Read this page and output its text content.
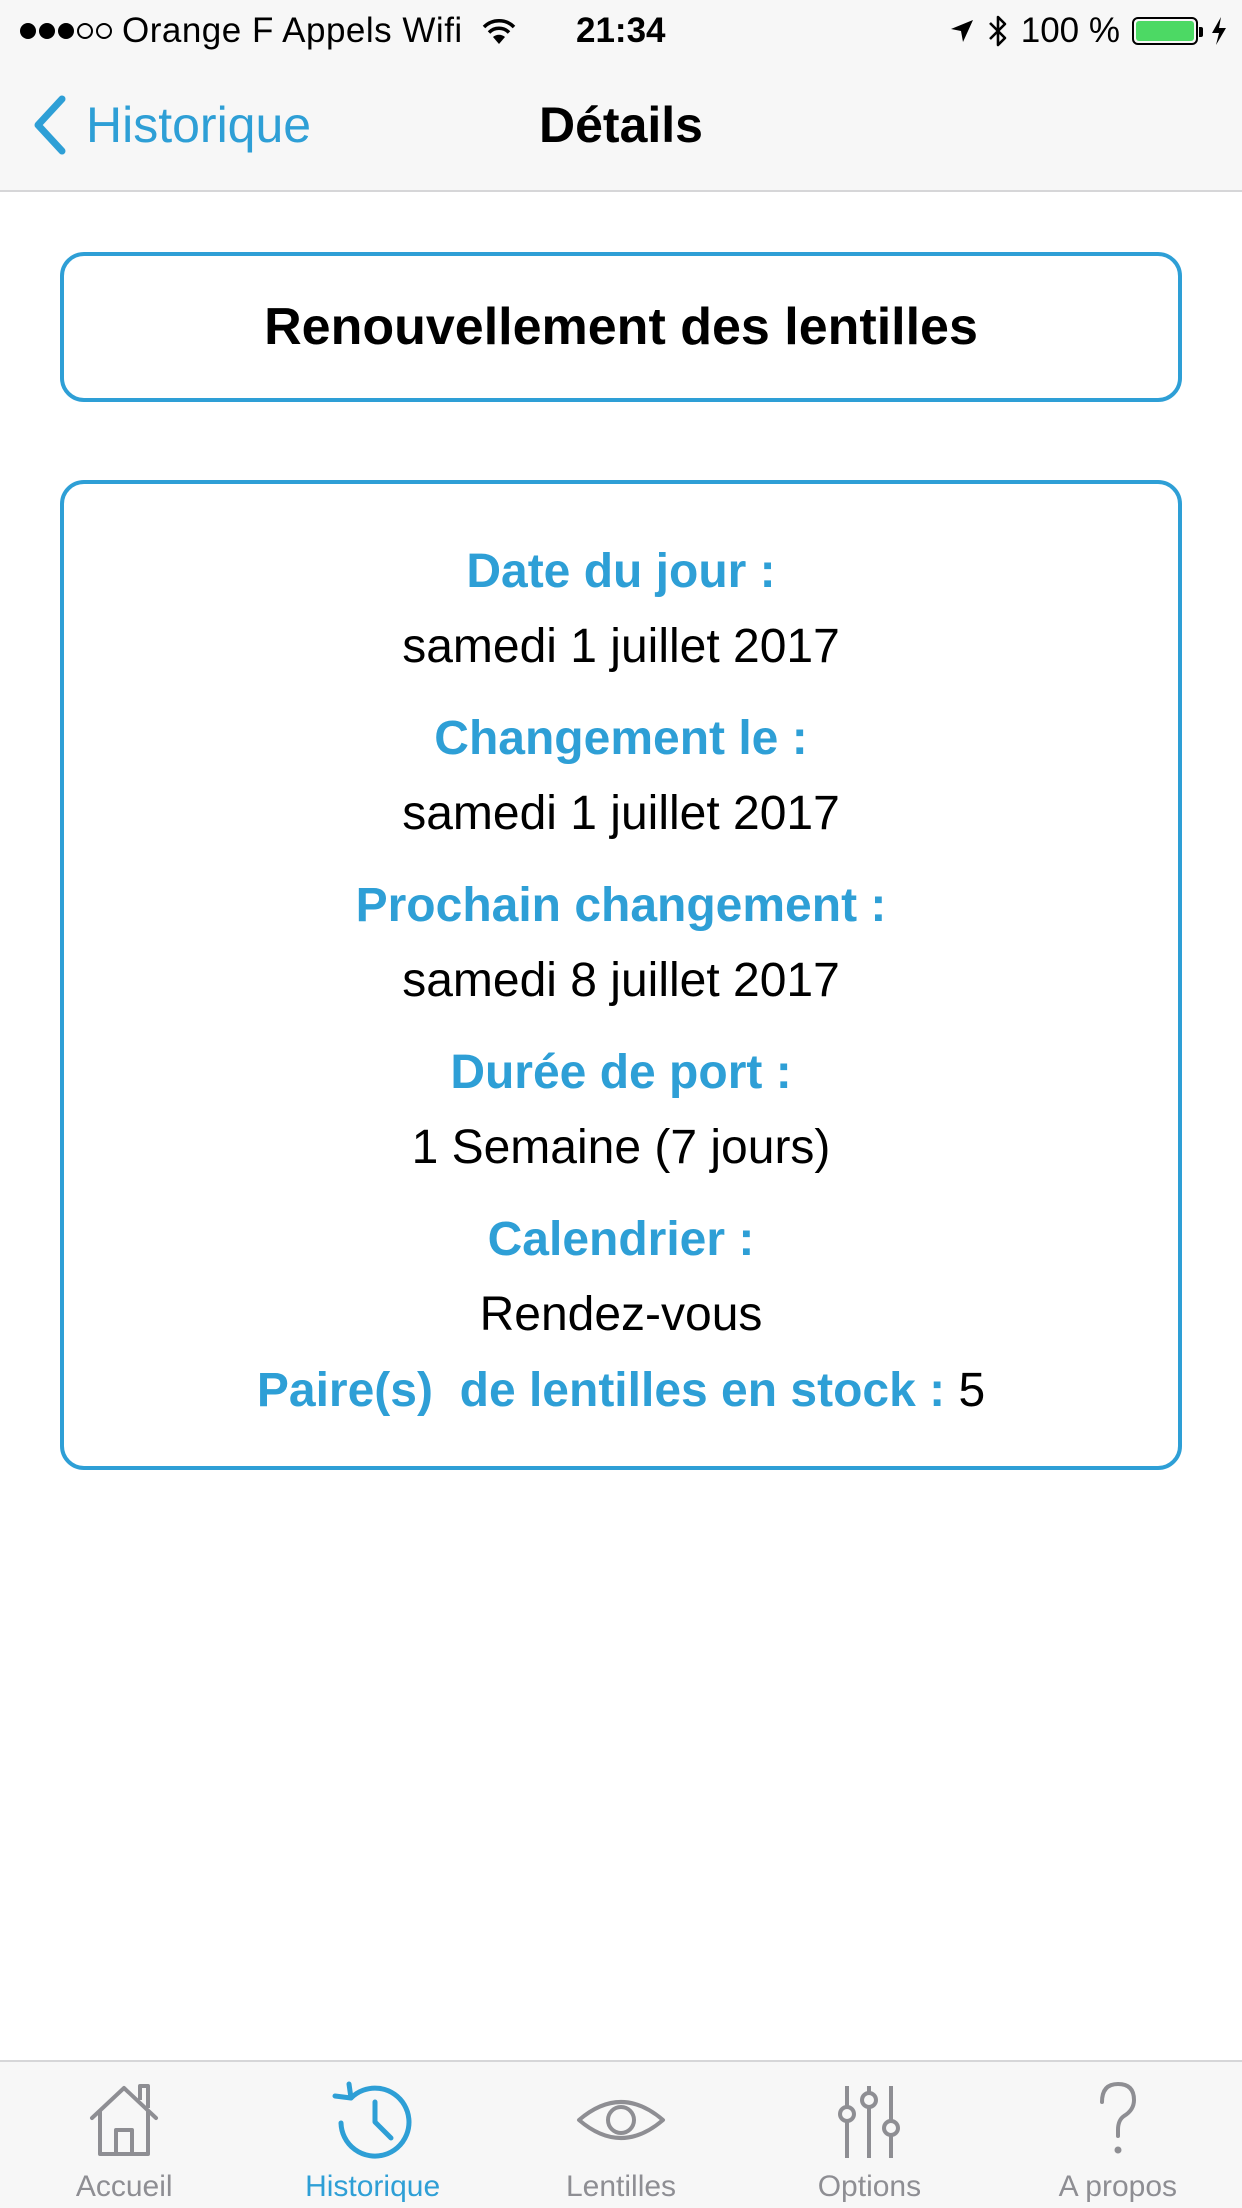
Orange F Appels Wifi	21:34	100 %
Historique	Détails
Renouvellement des lentilles
Date du jour :
samedi 1 juillet 2017
Changement le :
samedi 1 juillet 2017
Prochain changement :
samedi 8 juillet 2017
Durée de port :
1 Semaine (7 jours)
Calendrier :
Rendez-vous
Paire(s)  de lentilles en stock : 5
Accueil	Historique	Lentilles	Options	A propos
